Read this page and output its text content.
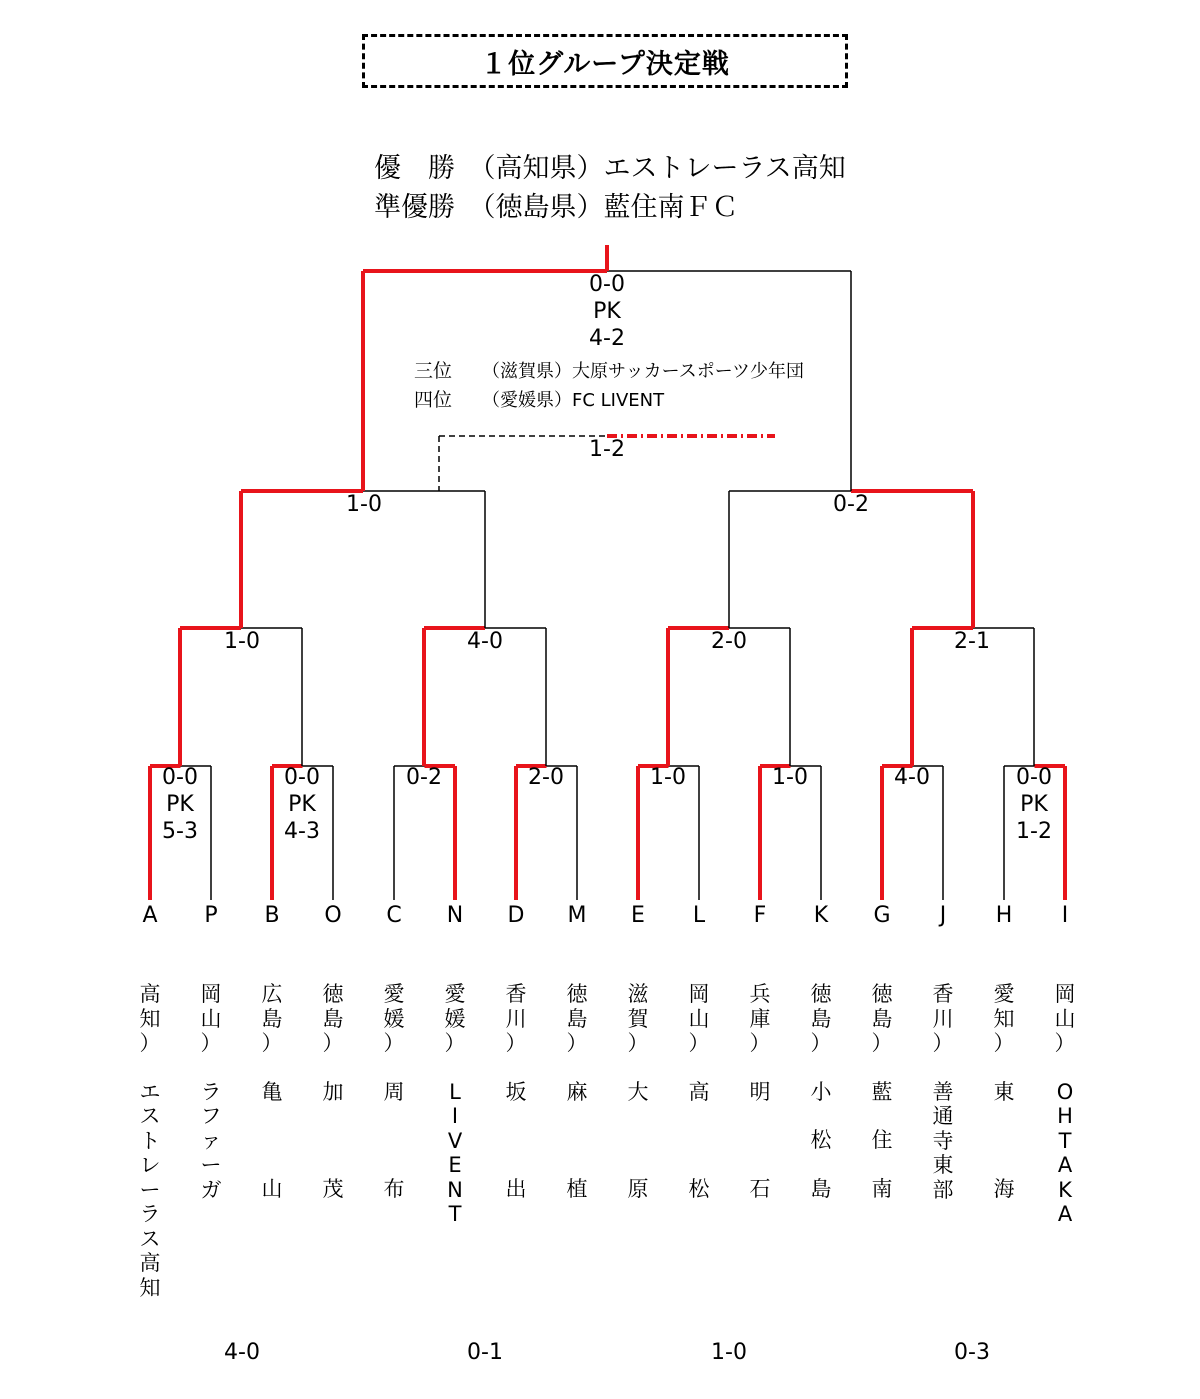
１位グループ決定戦
優　勝　（高知県）エストレーラス高知
準優勝　（徳島県）藍住南ＦＣ
0-0
PK
4-2
三位 （滋賀県）大原サッカースポーツ少年団
四位 （愛媛県）FC LIVENT
1-2
1-0	0-2
1-0	4-0	2-0	2-1
0-0
PK
5-3
0-0
PK
4-3
0-2	2-0	1-0	1-0	4-0	0-0
PK
1-2
4-0	0-1	1-0	0-3
A
高
知
）
エ
ス
ト
レ
ー
ラ
ス
高
知
P
岡
山
）
ラ
フ
ァ
ー
ガ
B
広
島
）
亀
山
O
徳
島
）
加
茂
C
愛
媛
）
周
布
N
愛
媛
）
L
I
V
E
N
T
D
香
川
）
坂
出
M
徳
島
）
麻
植
E
滋
賀
）
大
原
L
岡
山
）
高
松
F
兵
庫
）
明
石
K
徳
島
）
小
松
島
G
徳
島
）
藍
住
南
J
香
川
）
善
通
寺
東
部
H
愛
知
）
東
海
I
岡
山
）
O
H
T
A
K
A
